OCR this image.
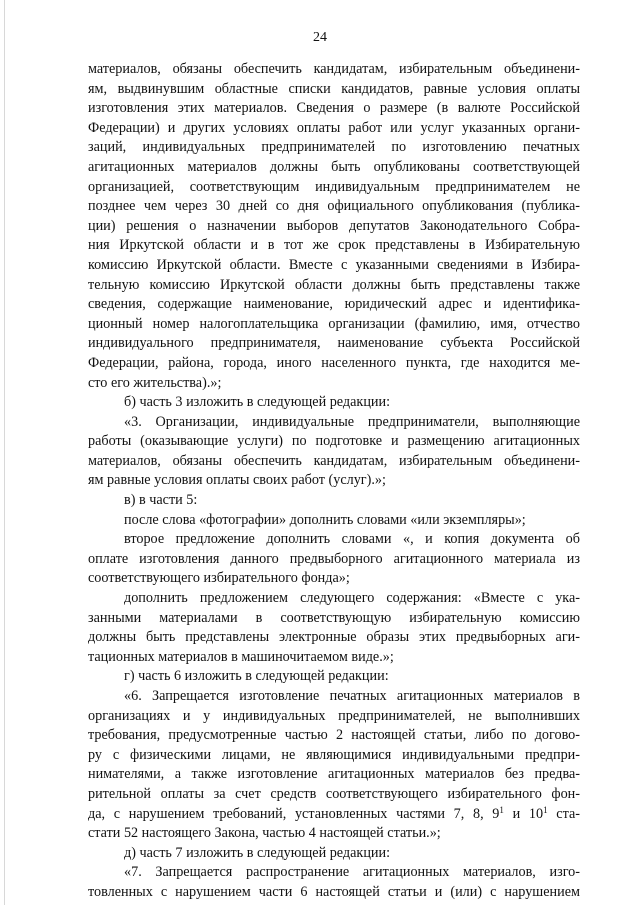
24
материалов, обязаны обеспечить кандидатам, избирательным объединени-
ям, выдвинувшим областные списки кандидатов, равные условия оплаты
изготовления этих материалов. Сведения о размере (в валюте Российской
Федерации) и других условиях оплаты работ или услуг указанных органи-
заций, индивидуальных предпринимателей по изготовлению печатных
агитационных материалов должны быть опубликованы соответствующей
организацией, соответствующим индивидуальным предпринимателем не
позднее чем через 30 дней со дня официального опубликования (публика-
ции) решения о назначении выборов депутатов Законодательного Собра-
ния Иркутской области и в тот же срок представлены в Избирательную
комиссию Иркутской области. Вместе с указанными сведениями в Избира-
тельную комиссию Иркутской области должны быть представлены также
сведения, содержащие наименование, юридический адрес и идентифика-
ционный номер налогоплательщика организации (фамилию, имя, отчество
индивидуального предпринимателя, наименование субъекта Российской
Федерации, района, города, иного населенного пункта, где находится ме-
сто его жительства).»;
б) часть 3 изложить в следующей редакции:
«3. Организации, индивидуальные предприниматели, выполняющие
работы (оказывающие услуги) по подготовке и размещению агитационных
материалов, обязаны обеспечить кандидатам, избирательным объединени-
ям равные условия оплаты своих работ (услуг).»;
в) в части 5:
после слова «фотографии» дополнить словами «или экземпляры»;
второе предложение дополнить словами «, и копия документа об
оплате изготовления данного предвыборного агитационного материала из
соответствующего избирательного фонда»;
дополнить предложением следующего содержания: «Вместе с ука-
занными материалами в соответствующую избирательную комиссию
должны быть представлены электронные образы этих предвыборных аги-
тационных материалов в машиночитаемом виде.»;
г) часть 6 изложить в следующей редакции:
«6. Запрещается изготовление печатных агитационных материалов в
организациях и у индивидуальных предпринимателей, не выполнивших
требования, предусмотренные частью 2 настоящей статьи, либо по догово-
ру с физическими лицами, не являющимися индивидуальными предпри-
нимателями, а также изготовление агитационных материалов без предва-
рительной оплаты за счет средств соответствующего избирательного фон-
да, с нарушением требований, установленных частями 7, 8, $9^1$ и $10^1$ ста-
стати 52 настоящего Закона, частью 4 настоящей статьи.»;
д) часть 7 изложить в следующей редакции:
«7. Запрещается распространение агитационных материалов, изго-
товленных с нарушением части 6 настоящей статьи и (или) с нарушением
